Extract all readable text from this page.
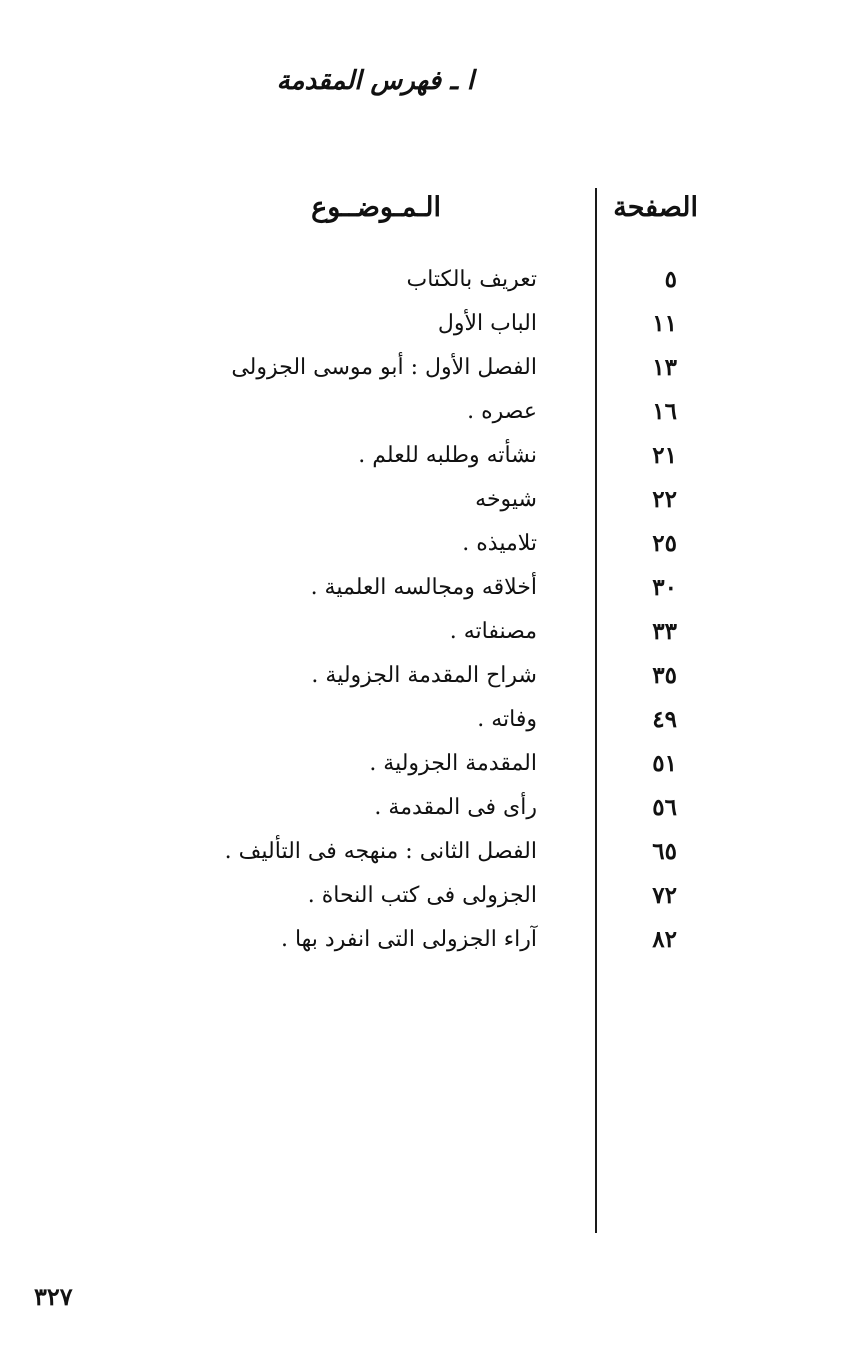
ا ـ فهرس المقدمة
الصفحة
الـمـوضــوع
٥
تعريف بالكتاب
١١
الباب الأول
١٣
الفصل الأول : أبو موسى الجزولى
١٦
عصره .
٢١
نشأته وطلبه للعلم .
٢٢
شيوخه
٢٥
تلاميذه .
٣٠
أخلاقه ومجالسه العلمية .
٣٣
مصنفاته .
٣٥
شراح المقدمة الجزولية .
٤٩
وفاته .
٥١
المقدمة الجزولية .
٥٦
رأى فى المقدمة .
٦٥
الفصل الثانى : منهجه فى التأليف .
٧٢
الجزولى فى كتب النحاة .
٨٢
آراء الجزولى التى انفرد بها .
٣٢٧
